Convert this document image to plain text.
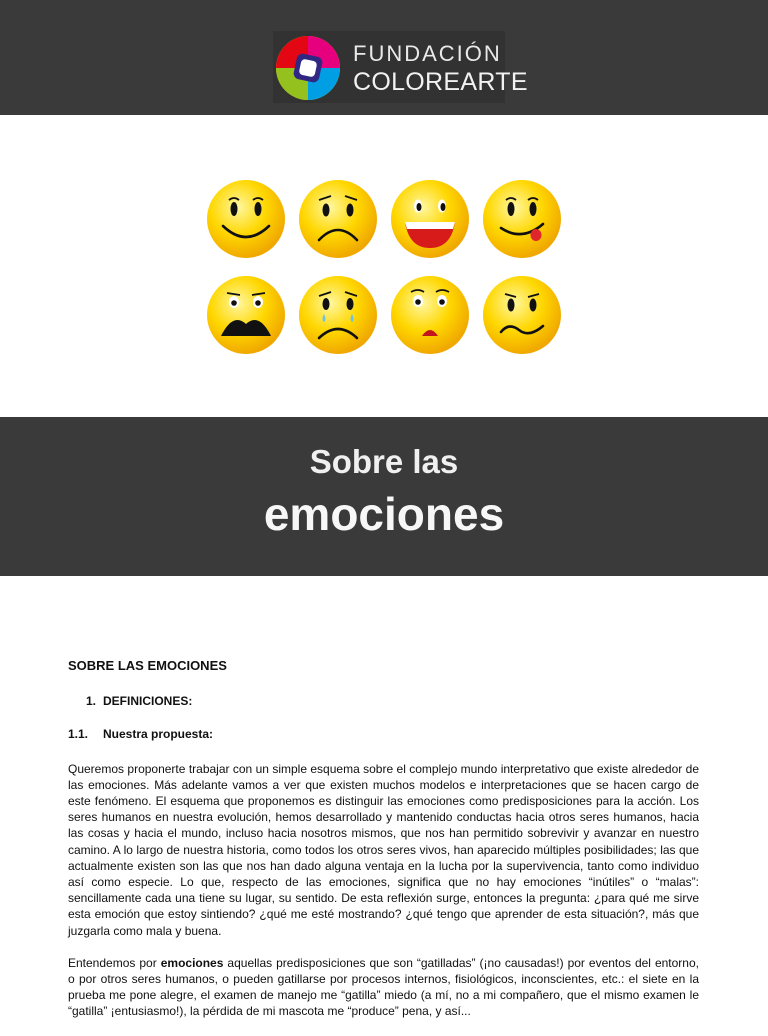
FUNDACIÓN
COLOREARTE
Sobre las
emociones
SOBRE LAS EMOCIONES
1. DEFINICIONES:
1.1. Nuestra propuesta:

Queremos proponerte trabajar con un simple esquema sobre el complejo mundo interpretativo que existe alrededor de las emociones. Más adelante vamos a ver que existen muchos modelos e interpretaciones que se hacen cargo de este fenómeno. El esquema que proponemos es distinguir las emociones como predisposiciones para la acción. Los seres humanos en nuestra evolución, hemos desarrollado y mantenido conductas hacia otros seres humanos, hacia las cosas y hacia el mundo, incluso hacia nosotros mismos, que nos han permitido sobrevivir y avanzar en nuestro camino. A lo largo de nuestra historia, como todos los otros seres vivos, han aparecido múltiples posibilidades; las que actualmente existen son las que nos han dado alguna ventaja en la lucha por la supervivencia, tanto como individuo así como especie. Lo que, respecto de las emociones, significa que no hay emociones “inútiles” o “malas”: sencillamente cada una tiene su lugar, su sentido. De esta reflexión surge, entonces la pregunta: ¿para qué me sirve esta emoción que estoy sintiendo? ¿qué me esté mostrando? ¿qué tengo que aprender de esta situación?, más que juzgarla como mala y buena.

Entendemos por emociones aquellas predisposiciones que son “gatilladas” (¡no causadas!) por eventos del entorno, o por otros seres humanos, o pueden gatillarse por procesos internos, fisiológicos, inconscientes, etc.: el siete en la prueba me pone alegre, el examen de manejo me “gatilla” miedo (a mí, no a mi compañero, que el mismo examen le “gatilla” ¡entusiasmo!), la pérdida de mi mascota me “produce” pena, y así...
